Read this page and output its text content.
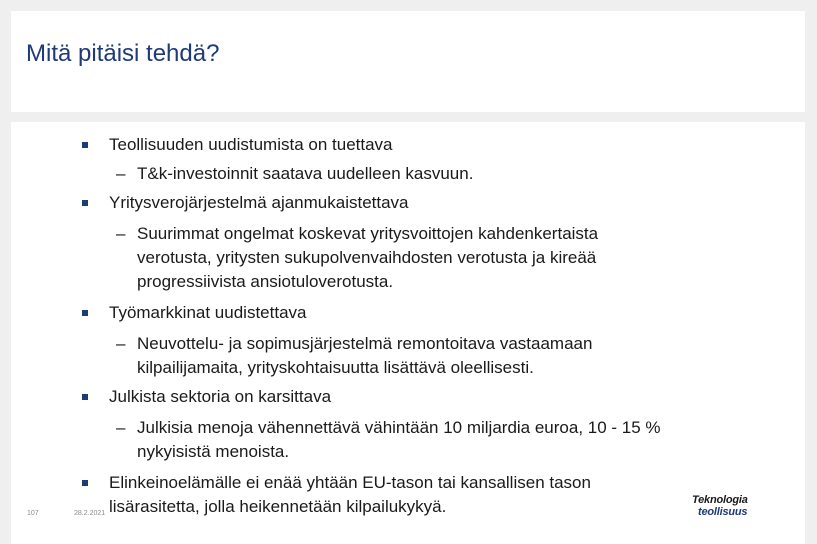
Mitä pitäisi tehdä?
Teollisuuden uudistumista on tuettava
– T&k-investoinnit saatava uudelleen kasvuun.
Yritysverojärjestelmä ajanmukaistettava
– Suurimmat ongelmat koskevat yritysvoittojen kahdenkertaista
verotusta, yritysten sukupolvenvaihdosten verotusta ja kireää
progressiivista ansiotuloverotusta.
Työmarkkinat uudistettava
– Neuvottelu- ja sopimusjärjestelmä remontoitava vastaamaan
kilpailijamaita, yrityskohtaisuutta lisättävä oleellisesti.
Julkista sektoria on karsittava
– Julkisia menoja vähennettävä vähintään 10 miljardia euroa, 10 - 15 %
nykyisistä menoista.
Elinkeinoelämälle ei enää yhtään EU-tason tai kansallisen tason
lisärasitetta, jolla heikennetään kilpailukykyä.
107	28.2.2021
Teknologia
teollisuus
